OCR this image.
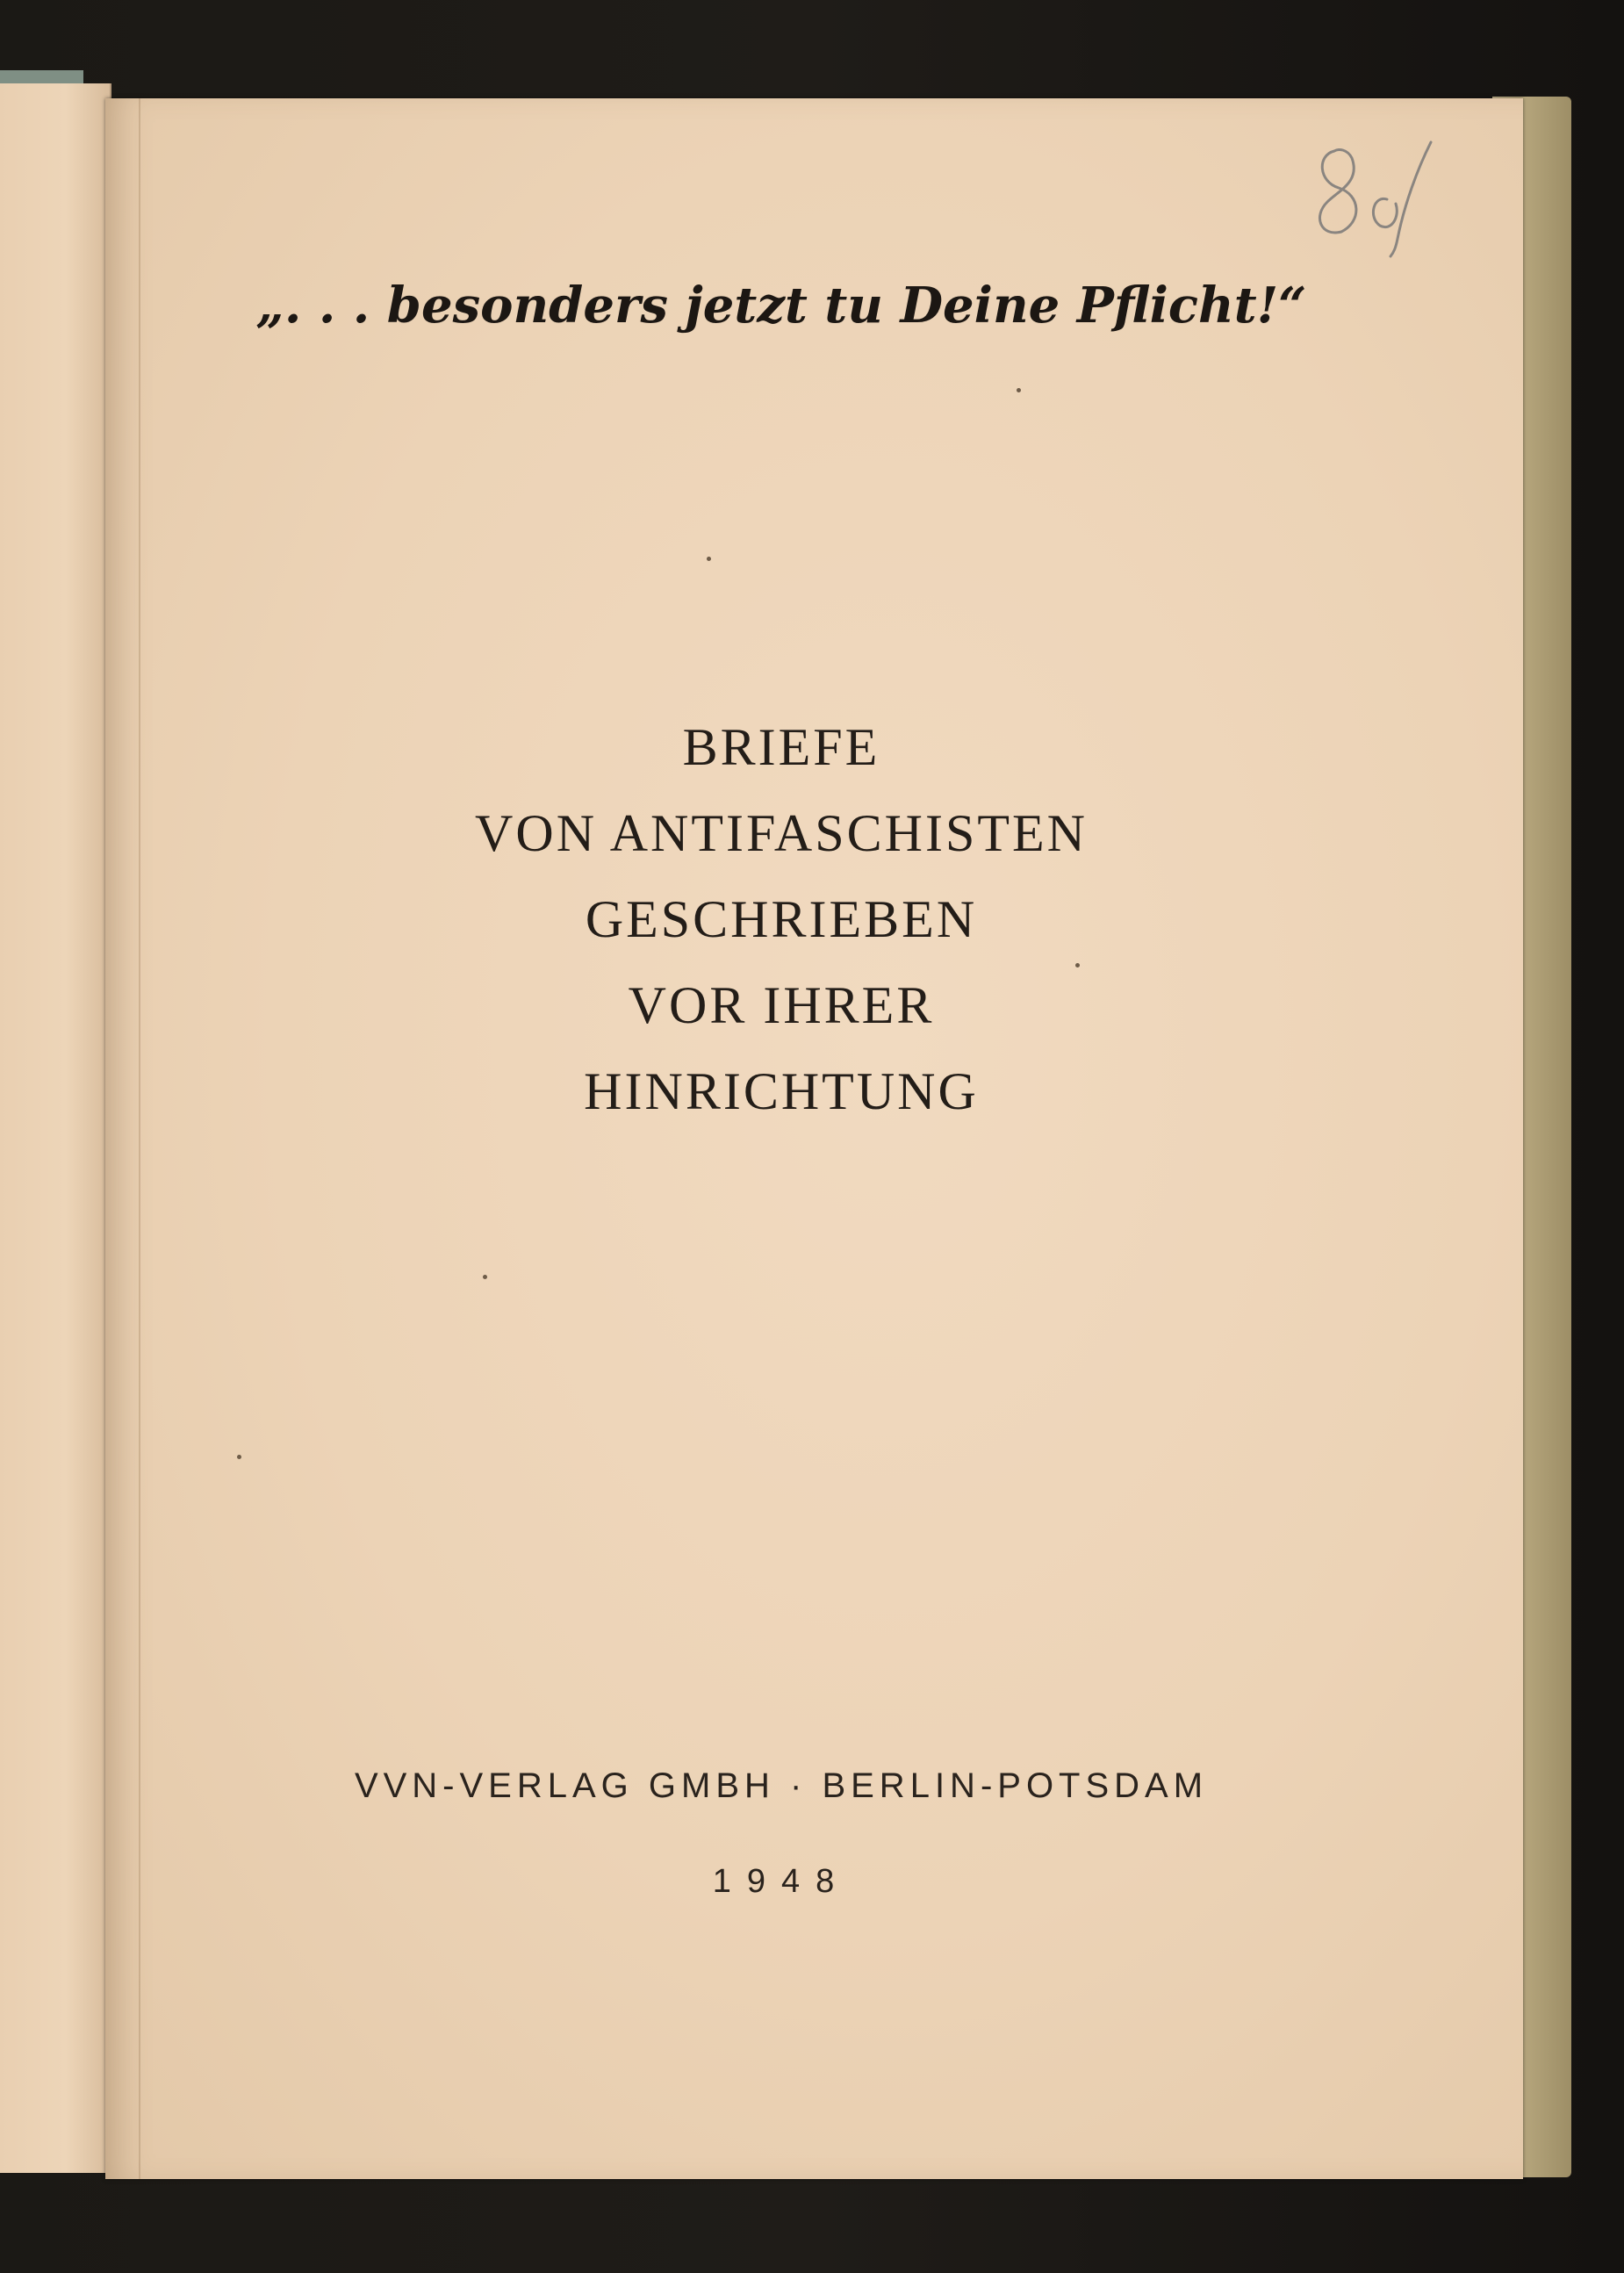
„. . . besonders jetzt tu Deine Pflicht!“
BRIEFE
VON ANTIFASCHISTEN
GESCHRIEBEN
VOR IHRER
HINRICHTUNG
VVN-VERLAG GMBH · BERLIN-POTSDAM
1948
